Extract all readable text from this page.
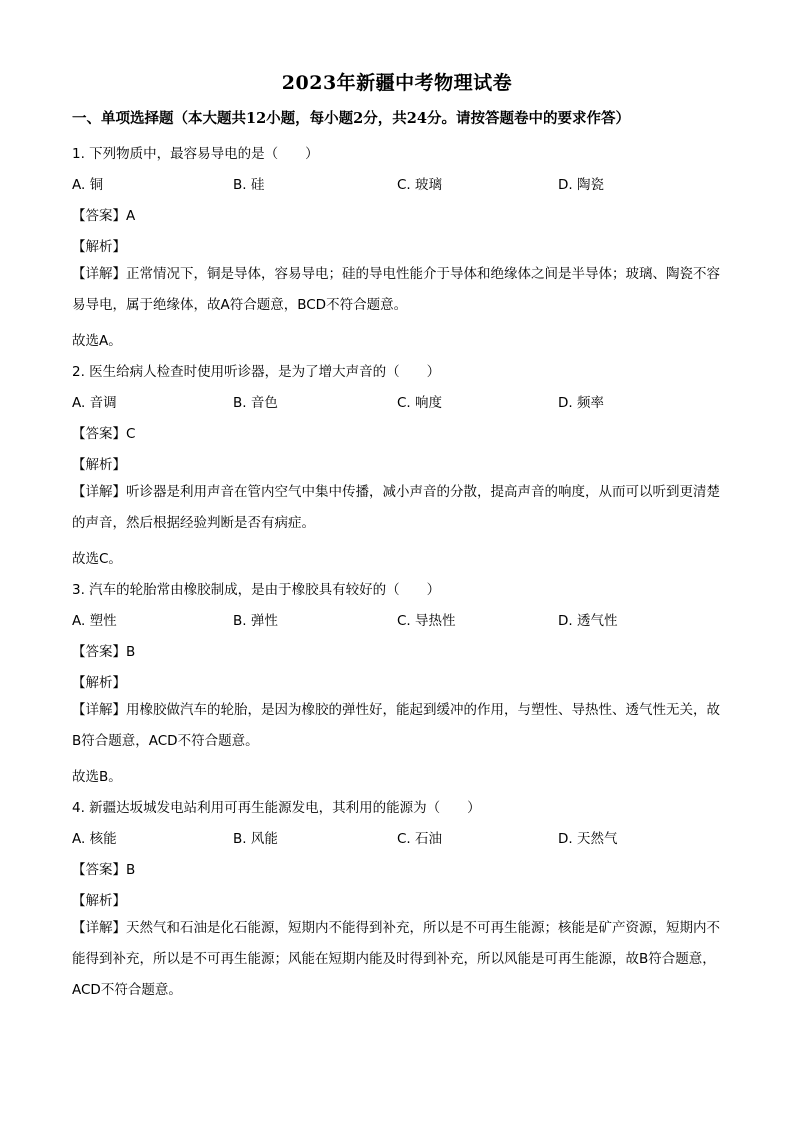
2023年新疆中考物理试卷
一、单项选择题（本大题共12小题，每小题2分，共24分。请按答题卷中的要求作答）
1. 下列物质中，最容易导电的是（　　）
A. 铜	B. 硅	C. 玻璃	D. 陶瓷
【答案】A
【解析】
【详解】正常情况下，铜是导体，容易导电；硅的导电性能介于导体和绝缘体之间是半导体；玻璃、陶瓷不容易导电，属于绝缘体，故A符合题意，BCD不符合题意。
故选A。
2. 医生给病人检查时使用听诊器，是为了增大声音的（　　）
A. 音调	B. 音色	C. 响度	D. 频率
【答案】C
【解析】
【详解】听诊器是利用声音在管内空气中集中传播，减小声音的分散，提高声音的响度，从而可以听到更清楚的声音，然后根据经验判断是否有病症。
故选C。
3. 汽车的轮胎常由橡胶制成，是由于橡胶具有较好的（　　）
A. 塑性	B. 弹性	C. 导热性	D. 透气性
【答案】B
【解析】
【详解】用橡胶做汽车的轮胎，是因为橡胶的弹性好，能起到缓冲的作用，与塑性、导热性、透气性无关，故B符合题意，ACD不符合题意。
故选B。
4. 新疆达坂城发电站利用可再生能源发电，其利用的能源为（　　）
A. 核能	B. 风能	C. 石油	D. 天然气
【答案】B
【解析】
【详解】天然气和石油是化石能源，短期内不能得到补充，所以是不可再生能源；核能是矿产资源，短期内不能得到补充，所以是不可再生能源；风能在短期内能及时得到补充，所以风能是可再生能源，故B符合题意，ACD不符合题意。
